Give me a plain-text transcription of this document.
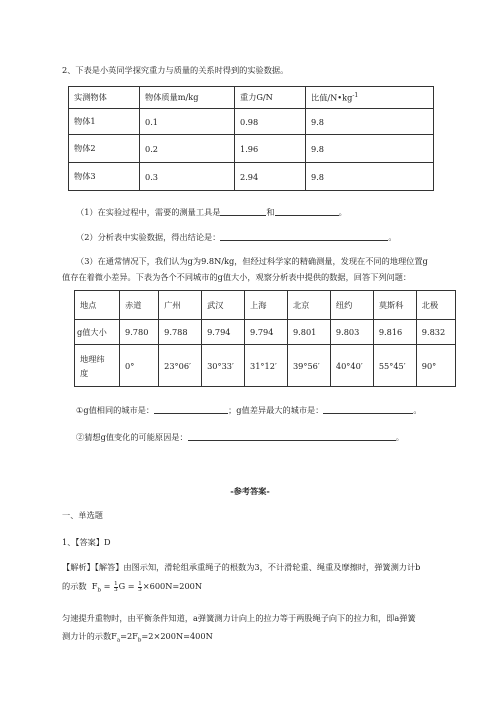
2、下表是小英同学探究重力与质量的关系时得到的实验数据。
实测物体	物体质量m/kg	重力G/N	比值$/N•kg^{-1}$
物体1	0.1	0.98	9.8
物体2	0.2	1.96	9.8
物体3	0.3	2.94	9.8
（1）在实验过程中，需要的测量工具是	和	。
（2）分析表中实验数据，得出结论是：	。
（3）在通常情况下，我们认为g为9.8N/kg，但经过科学家的精确测量，发现在不同的地理位置g
值存在着微小差异。下表为各个不同城市的g值大小，观察分析表中提供的数据，回答下列问题：
地点	赤道	广州	武汉	上海	北京	纽约	莫斯科	北极
g值大小	9.780	9.788	9.794	9.794	9.801	9.803	9.816	9.832
地理纬
度	0°	23°06′	30°33′	31°12′	39°56′	40°40′	55°45′	90°
①g值相同的城市是：	；g值差异最大的城市是：	。
②猜想g值变化的可能原因是：	。
-参考答案-
一、单选题
1、【答案】D
【解析】【解答】由图示知，滑轮组承重绳子的根数为3，不计滑轮重、绳重及摩擦时，弹簧测力计b
的示数 $F_b = \frac{1}{3}$ $G = \frac{1}{3} \times 600N=200N$
匀速提升重物时，由平衡条件知道，a弹簧测力计向上的拉力等于两股绳子向下的拉力和，即a弹簧
测力计的示数$F_a=2F_b=2\times 200N=400N$
